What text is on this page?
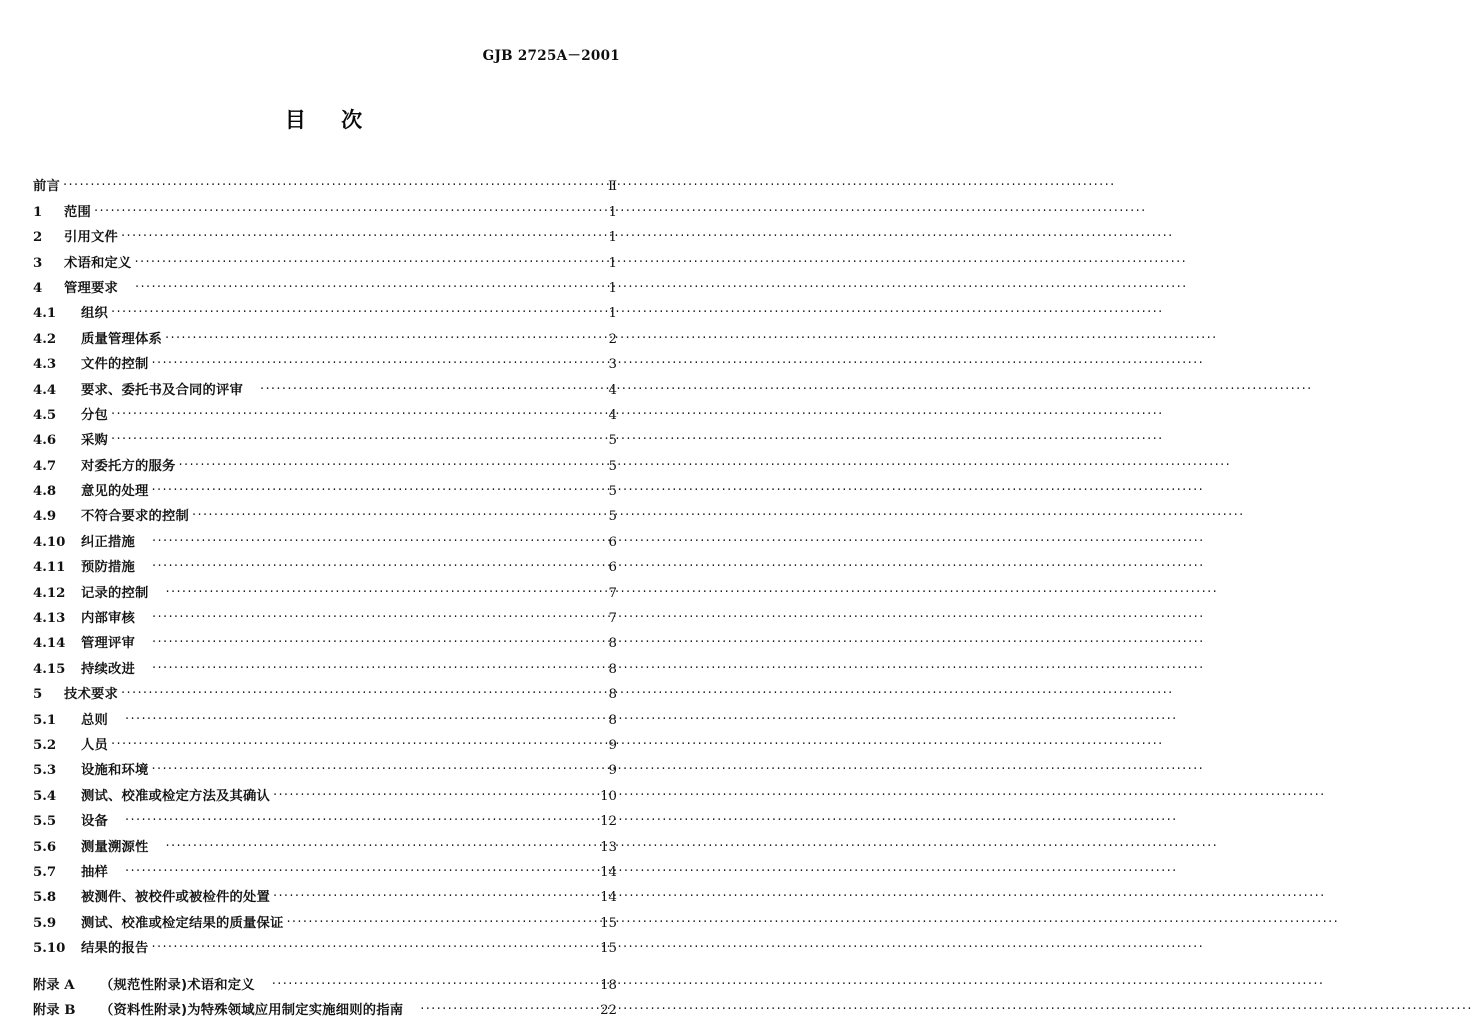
GJB 2725A－2001
目 次
前言 ·····	Ⅱ
1 范围 ·····	1
2 引用文件 ·····	1
3 术语和定义 ·····	1
4 管理要求 ·····	1
4.1	组织 ·····	1
4.2	质量管理体系 ·····	2
4.3	文件的控制 ·····	3
4.4	要求、委托书及合同的评审 ·····	4
4.5	分包 ·····	4
4.6	采购 ·····	5
4.7	对委托方的服务 ·····	5
4.8	意见的处理 ·····	5
4.9	不符合要求的控制 ·····	5
4.10	纠正措施 ·····	6
4.11	预防措施 ·····	6
4.12	记录的控制 ·····	7
4.13	内部审核 ·····	7
4.14	管理评审 ·····	8
4.15	持续改进 ·····	8
5 技术要求 ·····	8
5.1	总则 ·····	8
5.2	人员 ·····	9
5.3	设施和环境 ·····	9
5.4	测试、校准或检定方法及其确认 ·····	10
5.5	设备 ·····	12
5.6	测量溯源性 ·····	13
5.7	抽样 ·····	14
5.8	被测件、被校件或被检件的处置 ·····	14
5.9	测试、校准或检定结果的质量保证 ·····	15
5.10	结果的报告 ·····	15
附录 A	（规范性附录)术语和定义 ·····	18
附录 B	（资料性附录)为特殊领域应用制定实施细则的指南 ·····	22
